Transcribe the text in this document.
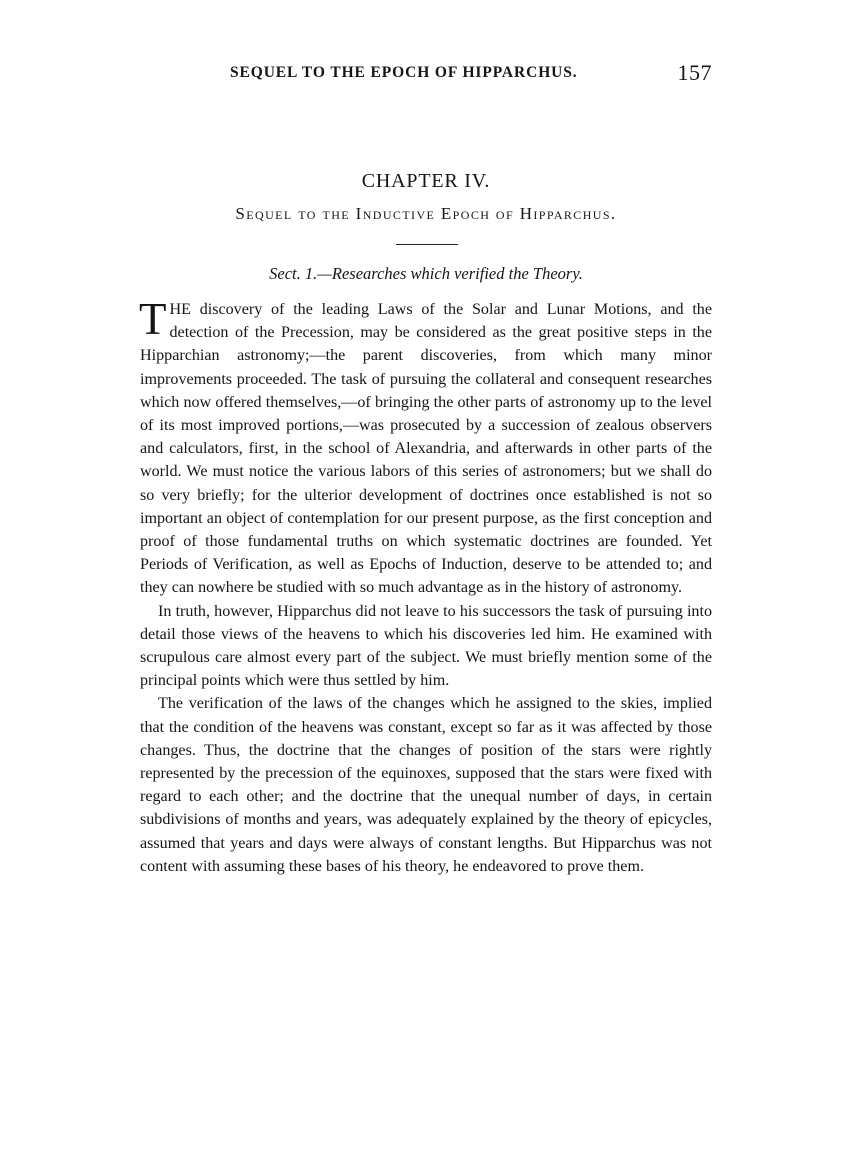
SEQUEL TO THE EPOCH OF HIPPARCHUS.	157
CHAPTER IV.
Sequel to the Inductive Epoch of Hipparchus.
Sect. 1.—Researches which verified the Theory.

THE discovery of the leading Laws of the Solar and Lunar Motions, and the detection of the Precession, may be considered as the great positive steps in the Hipparchian astronomy;—the parent discoveries, from which many minor improvements proceeded. The task of pursuing the collateral and consequent researches which now offered themselves,—of bringing the other parts of astronomy up to the level of its most improved portions,—was prosecuted by a succession of zealous observers and calculators, first, in the school of Alexandria, and afterwards in other parts of the world. We must notice the various labors of this series of astronomers; but we shall do so very briefly; for the ulterior development of doctrines once established is not so important an object of contemplation for our present purpose, as the first conception and proof of those fundamental truths on which systematic doctrines are founded. Yet Periods of Verification, as well as Epochs of Induction, deserve to be attended to; and they can nowhere be studied with so much advantage as in the history of astronomy.

In truth, however, Hipparchus did not leave to his successors the task of pursuing into detail those views of the heavens to which his discoveries led him. He examined with scrupulous care almost every part of the subject. We must briefly mention some of the principal points which were thus settled by him.

The verification of the laws of the changes which he assigned to the skies, implied that the condition of the heavens was constant, except so far as it was affected by those changes. Thus, the doctrine that the changes of position of the stars were rightly represented by the precession of the equinoxes, supposed that the stars were fixed with regard to each other; and the doctrine that the unequal number of days, in certain subdivisions of months and years, was adequately explained by the theory of epicycles, assumed that years and days were always of constant lengths. But Hipparchus was not content with assuming these bases of his theory, he endeavored to prove them.
